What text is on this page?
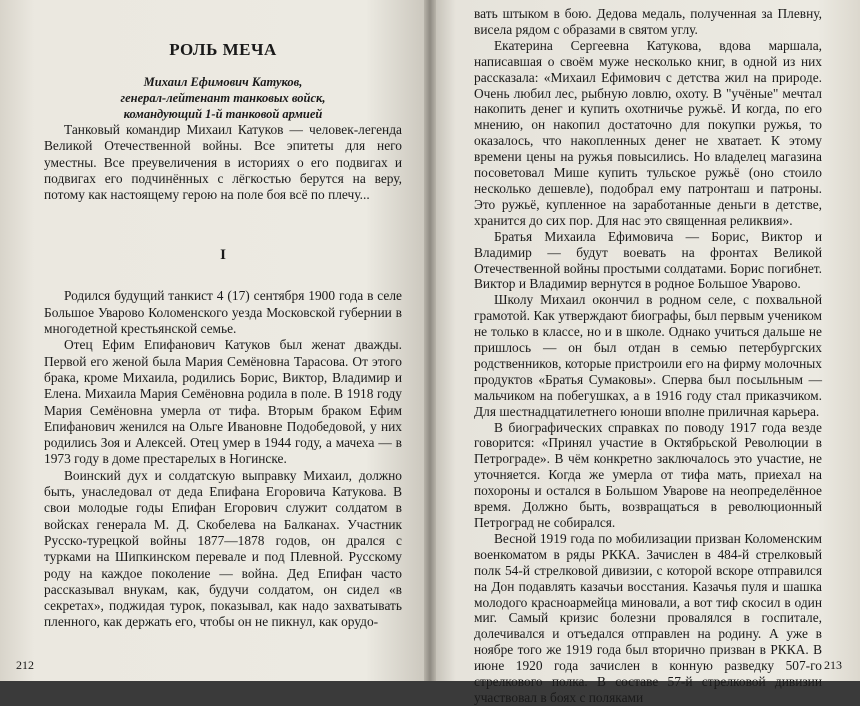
РОЛЬ МЕЧА
Михаил Ефимович Катуков,
генерал-лейтенант танковых войск,
командующий 1-й танковой армией

Танковый командир Михаил Катуков — человек-легенда Великой Отечественной войны. Все эпитеты для него уместны. Все преувеличения в историях о его подвигах и подвигах его подчинённых с лёгкостью берутся на веру, потому как настоящему герою на поле боя всё по плечу...

I

Родился будущий танкист 4 (17) сентября 1900 года в селе Большое Уварово Коломенского уезда Московской губернии в многодетной крестьянской семье.

Отец Ефим Епифанович Катуков был женат дважды. Первой его женой была Мария Семёновна Тарасова. От этого брака, кроме Михаила, родились Борис, Виктор, Владимир и Елена. Михаила Мария Семёновна родила в поле. В 1918 году Мария Семёновна умерла от тифа. Вторым браком Ефим Епифанович женился на Ольге Ивановне Подобедовой, у них родились Зоя и Алексей. Отец умер в 1944 году, а мачеха — в 1973 году в доме престарелых в Ногинске.

Воинский дух и солдатскую выправку Михаил, должно быть, унаследовал от деда Епифана Егоровича Катукова. В свои молодые годы Епифан Егорович служит солдатом в войсках генерала М. Д. Скобелева на Балканах. Участник Русско-турецкой войны 1877—1878 годов, он дрался с турками на Шипкинском перевале и под Плевной. Русскому роду на каждое поколение — война. Дед Епифан часто рассказывал внукам, как, будучи солдатом, он сидел «в секретах», поджидая турок, показывал, как надо захватывать пленного, как держать его, чтобы он не пикнул, как орудо-

212

вать штыком в бою. Дедова медаль, полученная за Плевну, висела рядом с образами в святом углу.

Екатерина Сергеевна Катукова, вдова маршала, написавшая о своём муже несколько книг, в одной из них рассказала: «Михаил Ефимович с детства жил на природе. Очень любил лес, рыбную ловлю, охоту. В "учёные" мечтал накопить денег и купить охотничье ружьё. И когда, по его мнению, он накопил достаточно для покупки ружья, то оказалось, что накопленных денег не хватает. К этому времени цены на ружья повысились. Но владелец магазина посоветовал Мише купить тульское ружьё (оно стоило несколько дешевле), подобрал ему патронташ и патроны. Это ружьё, купленное на заработанные деньги в детстве, хранится до сих пор. Для нас это священная реликвия».

Братья Михаила Ефимовича — Борис, Виктор и Владимир — будут воевать на фронтах Великой Отечественной войны простыми солдатами. Борис погибнет. Виктор и Владимир вернутся в родное Большое Уварово.

Школу Михаил окончил в родном селе, с похвальной грамотой. Как утверждают биографы, был первым учеником не только в классе, но и в школе. Однако учиться дальше не пришлось — он был отдан в семью петербургских родственников, которые пристроили его на фирму молочных продуктов «Братья Сумаковы». Сперва был посыльным — мальчиком на побегушках, а в 1916 году стал приказчиком. Для шестнадцатилетнего юноши вполне приличная карьера.

В биографических справках по поводу 1917 года везде говорится: «Принял участие в Октябрьской Революции в Петрограде». В чём конкретно заключалось это участие, не уточняется. Когда же умерла от тифа мать, приехал на похороны и остался в Большом Уварове на неопределённое время. Должно быть, возвращаться в революционный Петроград не собирался.

Весной 1919 года по мобилизации призван Коломенским военкоматом в ряды РККА. Зачислен в 484-й стрелковый полк 54-й стрелковой дивизии, с которой вскоре отправился на Дон подавлять казачьи восстания. Казачья пуля и шашка молодого красноармейца миновали, а вот тиф скосил в один миг. Самый кризис болезни провалялся в госпитале, долечивался и отъедался отправлен на родину. А уже в ноябре того же 1919 года был вторично призван в РККА. В июне 1920 года зачислен в конную разведку 507-го стрелкового полка. В составе 57-й стрелковой дивизии участвовал в боях с поляками

213
